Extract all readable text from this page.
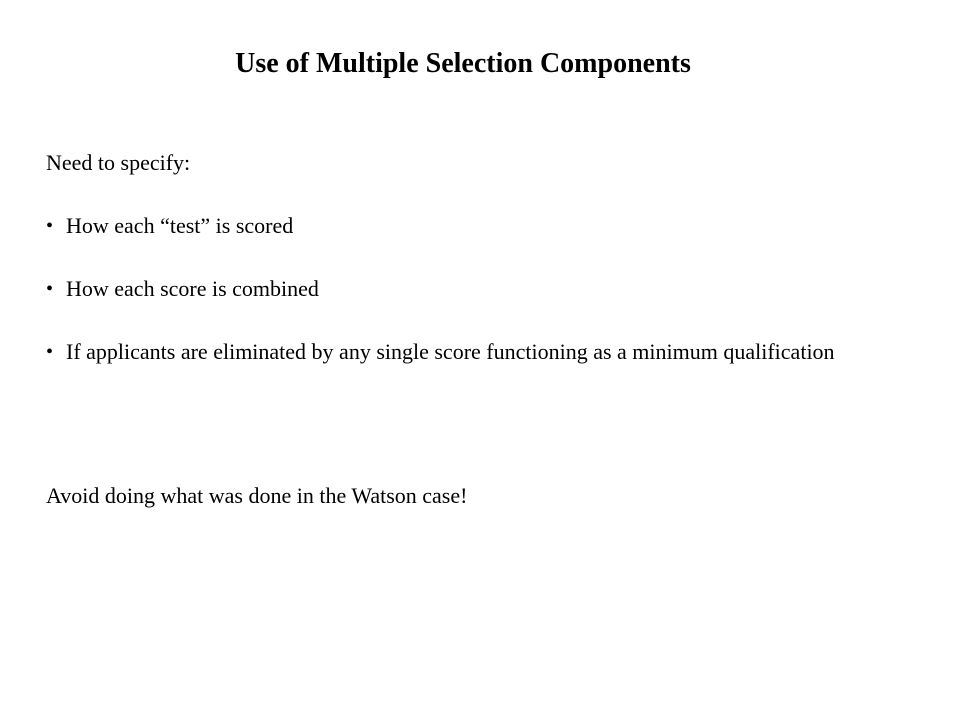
Use of Multiple Selection Components

Need to specify:

• How each “test” is scored
• How each score is combined
• If applicants are eliminated by any single score functioning as a minimum qualification

Avoid doing what was done in the Watson case!
